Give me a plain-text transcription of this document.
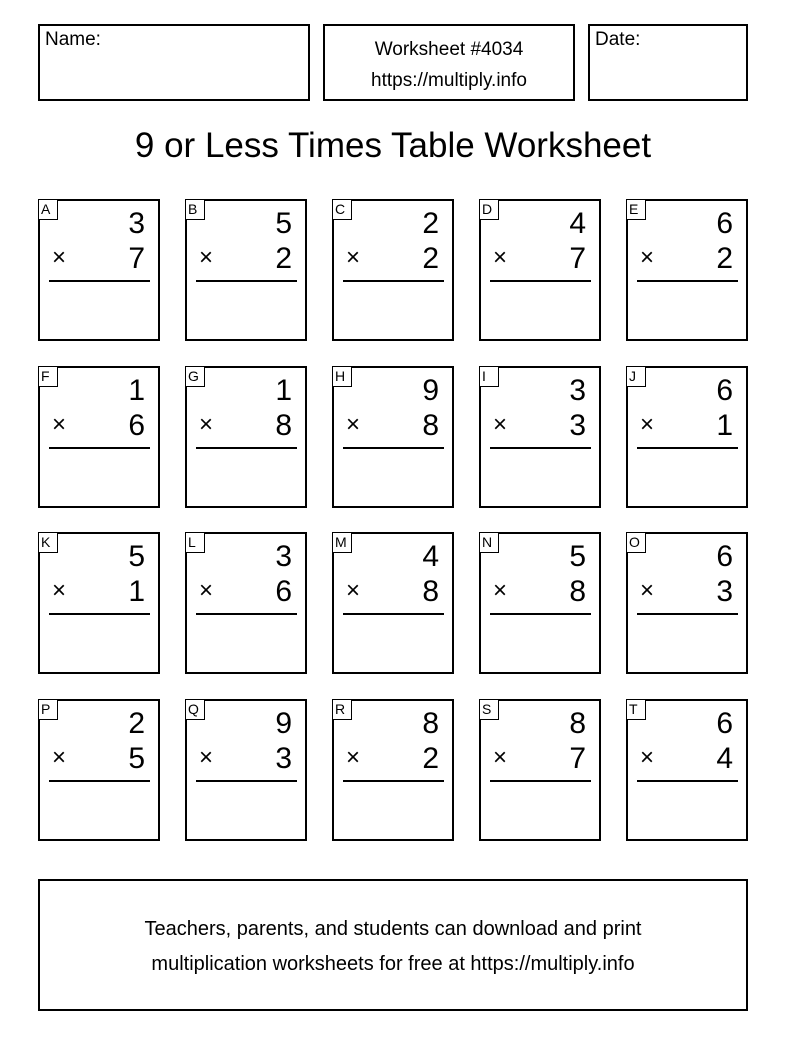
Name:	Worksheet #4034
https://multiply.info
Date:
9 or Less Times Table Worksheet
A	3
× 7
B	5
× 2
C	2
× 2
D	4
× 7
E	6
× 2
F	1
× 6
G	1
× 8
H	9
× 8
I	3
× 3
J	6
× 1
K	5
× 1
L	3
× 6
M	4
× 8
N	5
× 8
O	6
× 3
P	2
× 5
Q	9
× 3
R	8
× 2
S	8
× 7
T	6
× 4
Teachers, parents, and students can download and print
multiplication worksheets for free at https://multiply.info
